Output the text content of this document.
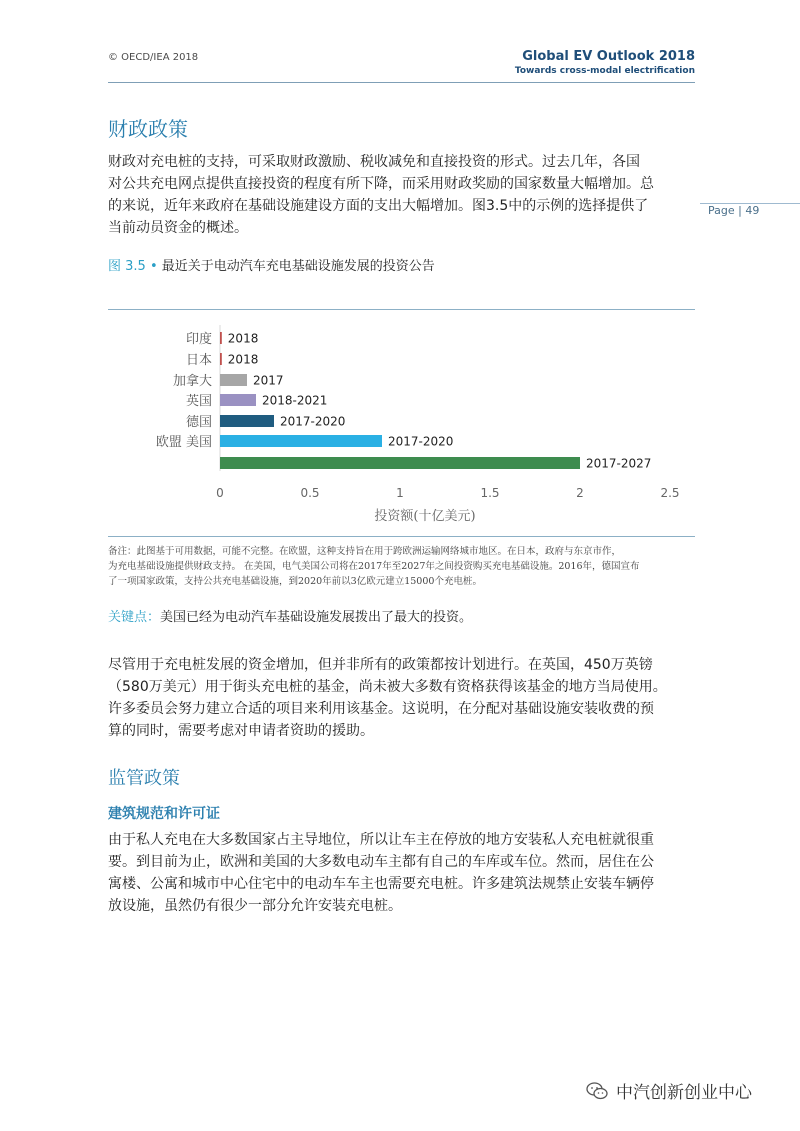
© OECD/IEA 2018	Global EV Outlook 2018
Towards cross-modal electrification
财政政策
财政对充电桩的支持，可采取财政激励、税收减免和直接投资的形式。过去几年，各国
对公共充电网点提供直接投资的程度有所下降，而采用财政奖励的国家数量大幅增加。总
的来说，近年来政府在基础设施建设方面的支出大幅增加。图3.5中的示例的选择提供了
当前动员资金的概述。
Page | 49
图 3.5 • 最近关于电动汽车充电基础设施发展的投资公告
印度
日本
加拿大
英国
德国
欧盟 美国
2018
2018
2017
2018-2021
2017-2020
2017-2020
2017-2027
0	0.5	1	1.5	2	2.5
投资额(十亿美元)
备注：此图基于可用数据，可能不完整。在欧盟，这种支持旨在用于跨欧洲运输网络城市地区。在日本，政府与东京市作，
为充电基础设施提供财政支持。 在美国，电气美国公司将在2017年至2027年之间投资购买充电基础设施。2016年，德国宣布
了一项国家政策，支持公共充电基础设施，到2020年前以3亿欧元建立15000个充电桩。
关键点：美国已经为电动汽车基础设施发展拨出了最大的投资。
尽管用于充电桩发展的资金增加，但并非所有的政策都按计划进行。在英国，450万英镑
（580万美元）用于街头充电桩的基金，尚未被大多数有资格获得该基金的地方当局使用。
许多委员会努力建立合适的项目来利用该基金。这说明，在分配对基础设施安装收费的预
算的同时，需要考虑对申请者资助的援助。
监管政策
建筑规范和许可证
由于私人充电在大多数国家占主导地位，所以让车主在停放的地方安装私人充电桩就很重
要。到目前为止，欧洲和美国的大多数电动车主都有自己的车库或车位。然而，居住在公
寓楼、公寓和城市中心住宅中的电动车车主也需要充电桩。许多建筑法规禁止安装车辆停
放设施，虽然仍有很少一部分允许安装充电桩。
中汽创新创业中心
